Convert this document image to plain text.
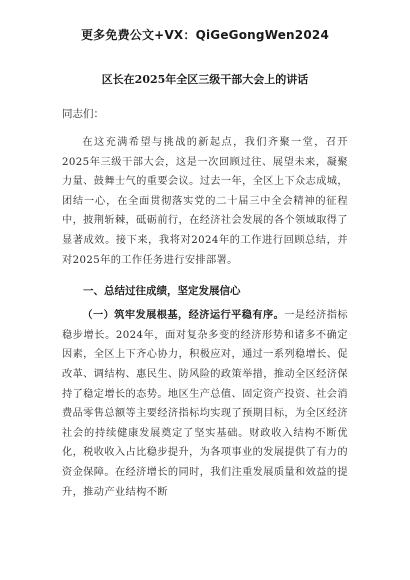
更多免费公文+VX：QiGeGongWen2024
区长在2025年全区三级干部大会上的讲话
同志们：

在这充满希望与挑战的新起点，我们齐聚一堂，召开2025年三级干部大会，这是一次回顾过往、展望未来，凝聚力量、鼓舞士气的重要会议。过去一年，全区上下众志成城，团结一心，在全面贯彻落实党的二十届三中全会精神的征程中，披荆斩棘，砥砺前行，在经济社会发展的各个领域取得了显著成效。接下来，我将对2024年的工作进行回顾总结，并对2025年的工作任务进行安排部署。

一、总结过往成绩，坚定发展信心

（一）筑牢发展根基，经济运行平稳有序。一是经济指标稳步增长。2024年，面对复杂多变的经济形势和诸多不确定因素，全区上下齐心协力，积极应对，通过一系列稳增长、促改革、调结构、惠民生、防风险的政策举措，推动全区经济保持了稳定增长的态势。地区生产总值、固定资产投资、社会消费品零售总额等主要经济指标均实现了预期目标，为全区经济社会的持续健康发展奠定了坚实基础。财政收入结构不断优化，税收收入占比稳步提升，为各项事业的发展提供了有力的资金保障。在经济增长的同时，我们注重发展质量和效益的提升，推动产业结构不断
